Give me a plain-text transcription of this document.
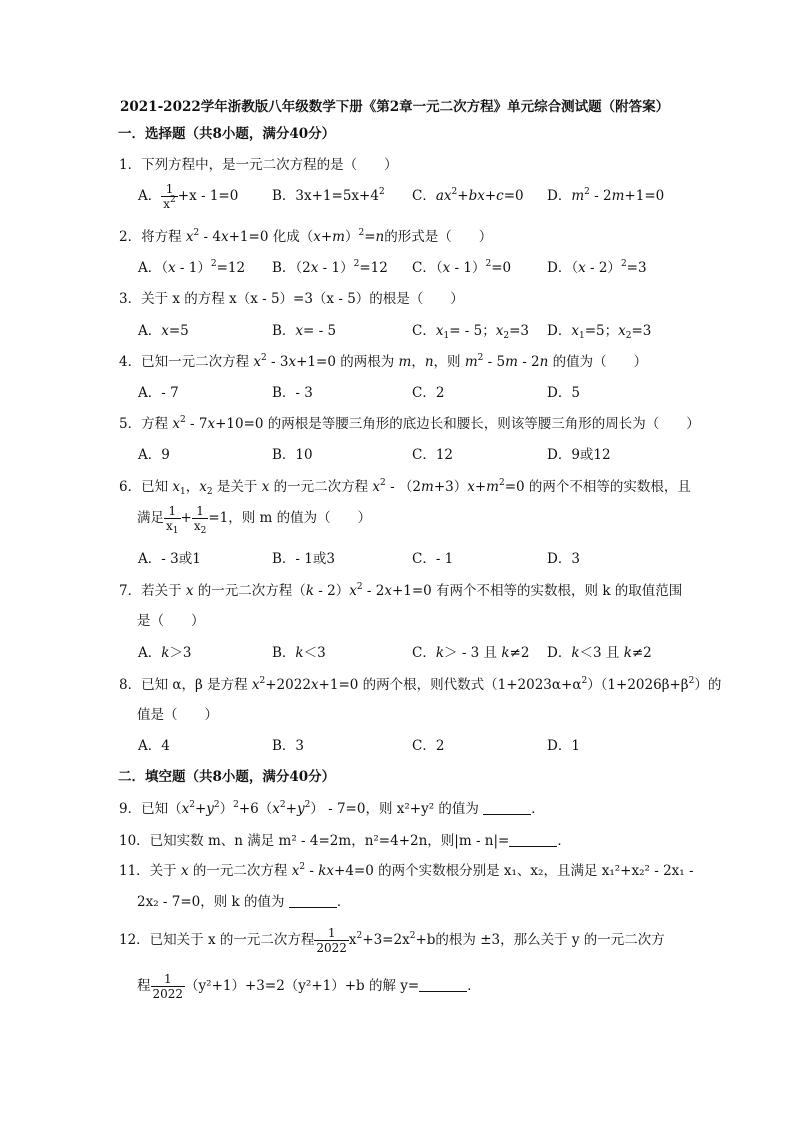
2021-2022学年浙教版八年级数学下册《第2章一元二次方程》单元综合测试题（附答案）
一．选择题（共8小题，满分40分）
1．下列方程中，是一元二次方程的是（　　）
A． $\frac{1}{x^2} +x - 1=0$ B．$3x+1=5x+4^2$ C．$ax^2+bx+c=0$ D．$m^2 - 2m+1=0$
2．将方程 $x^2 - 4x+1=0$ 化成$(x+m)^2=n$的形式是（　　）
A．（x - 1）$^2$=12 B．（2x - 1）$^2$=12 C．（x - 1）$^2$=0	D．（x - 2）$^2$=3
3．关于 x 的方程 x（x - 5）=3（x - 5）的根是（　　）
A．x=5	B．x= - 5	C．$x_1= - 5$；$x_2=3$ D．$x_1=5$；$x_2=3$
4．已知一元二次方程 $x^2 - 3x+1=0$ 的两根为 m，n，则 $m^2 - 5m - 2n$ 的值为（　　）
A．- 7	B．- 3	C．2	D．5
5．方程 $x^2 - 7x+10=0$ 的两根是等腰三角形的底边长和腰长，则该等腰三角形的周长为（　　）
A．9	B．10	C．12	D．9或12
6．已知 $x_1$，$x_2$ 是关于 x 的一元二次方程 $x^2 - (2m+3)x+m^2=0$ 的两个不相等的实数根，且
满足 $\frac{1}{x_1} + \frac{1}{x_2} =1$，则 m 的值为（　　）
A．- 3或1	B．- 1或3	C．- 1	D．3
7．若关于 x 的一元二次方程$(k - 2)x^2 - 2x+1=0$ 有两个不相等的实数根，则 k 的取值范围
是（　　）
A．k＞3	B．k＜3	C．k＞ - 3 且 k≠2 D．k＜3 且 k≠2
8．已知 α，β 是方程 $x^2+2022x+1=0$ 的两个根，则代数式$(1+2023\alpha+\alpha^2)(1+2026\beta+\beta^2)$的
值是（　　）
A．4	B．3	C．2	D．1
二．填空题（共8小题，满分40分）
9．已知$(x^2+y^2)^2+6(x^2+y^2) - 7=0$，则 x²+y² 的值为	．
10．已知实数 m、n 满足 m² - 4=2m，n²=4+2n，则|m - n|=	．
11．关于 x 的一元二次方程 $x^2 - kx+4=0$ 的两个实数根分别是 x₁、x₂，且满足 x₁²+x₂² - 2x₁ -
2x₂ - 7=0，则 k 的值为	．
12．已知关于 x 的一元二次方程 $\frac{1}{2022} x^2+3=2x^2+b$的根为 ±3，那么关于 y 的一元二次方
程 $\frac{1}{2022} (y^2+1)+3=2(y^2+1)+b$ 的解 y=	．
